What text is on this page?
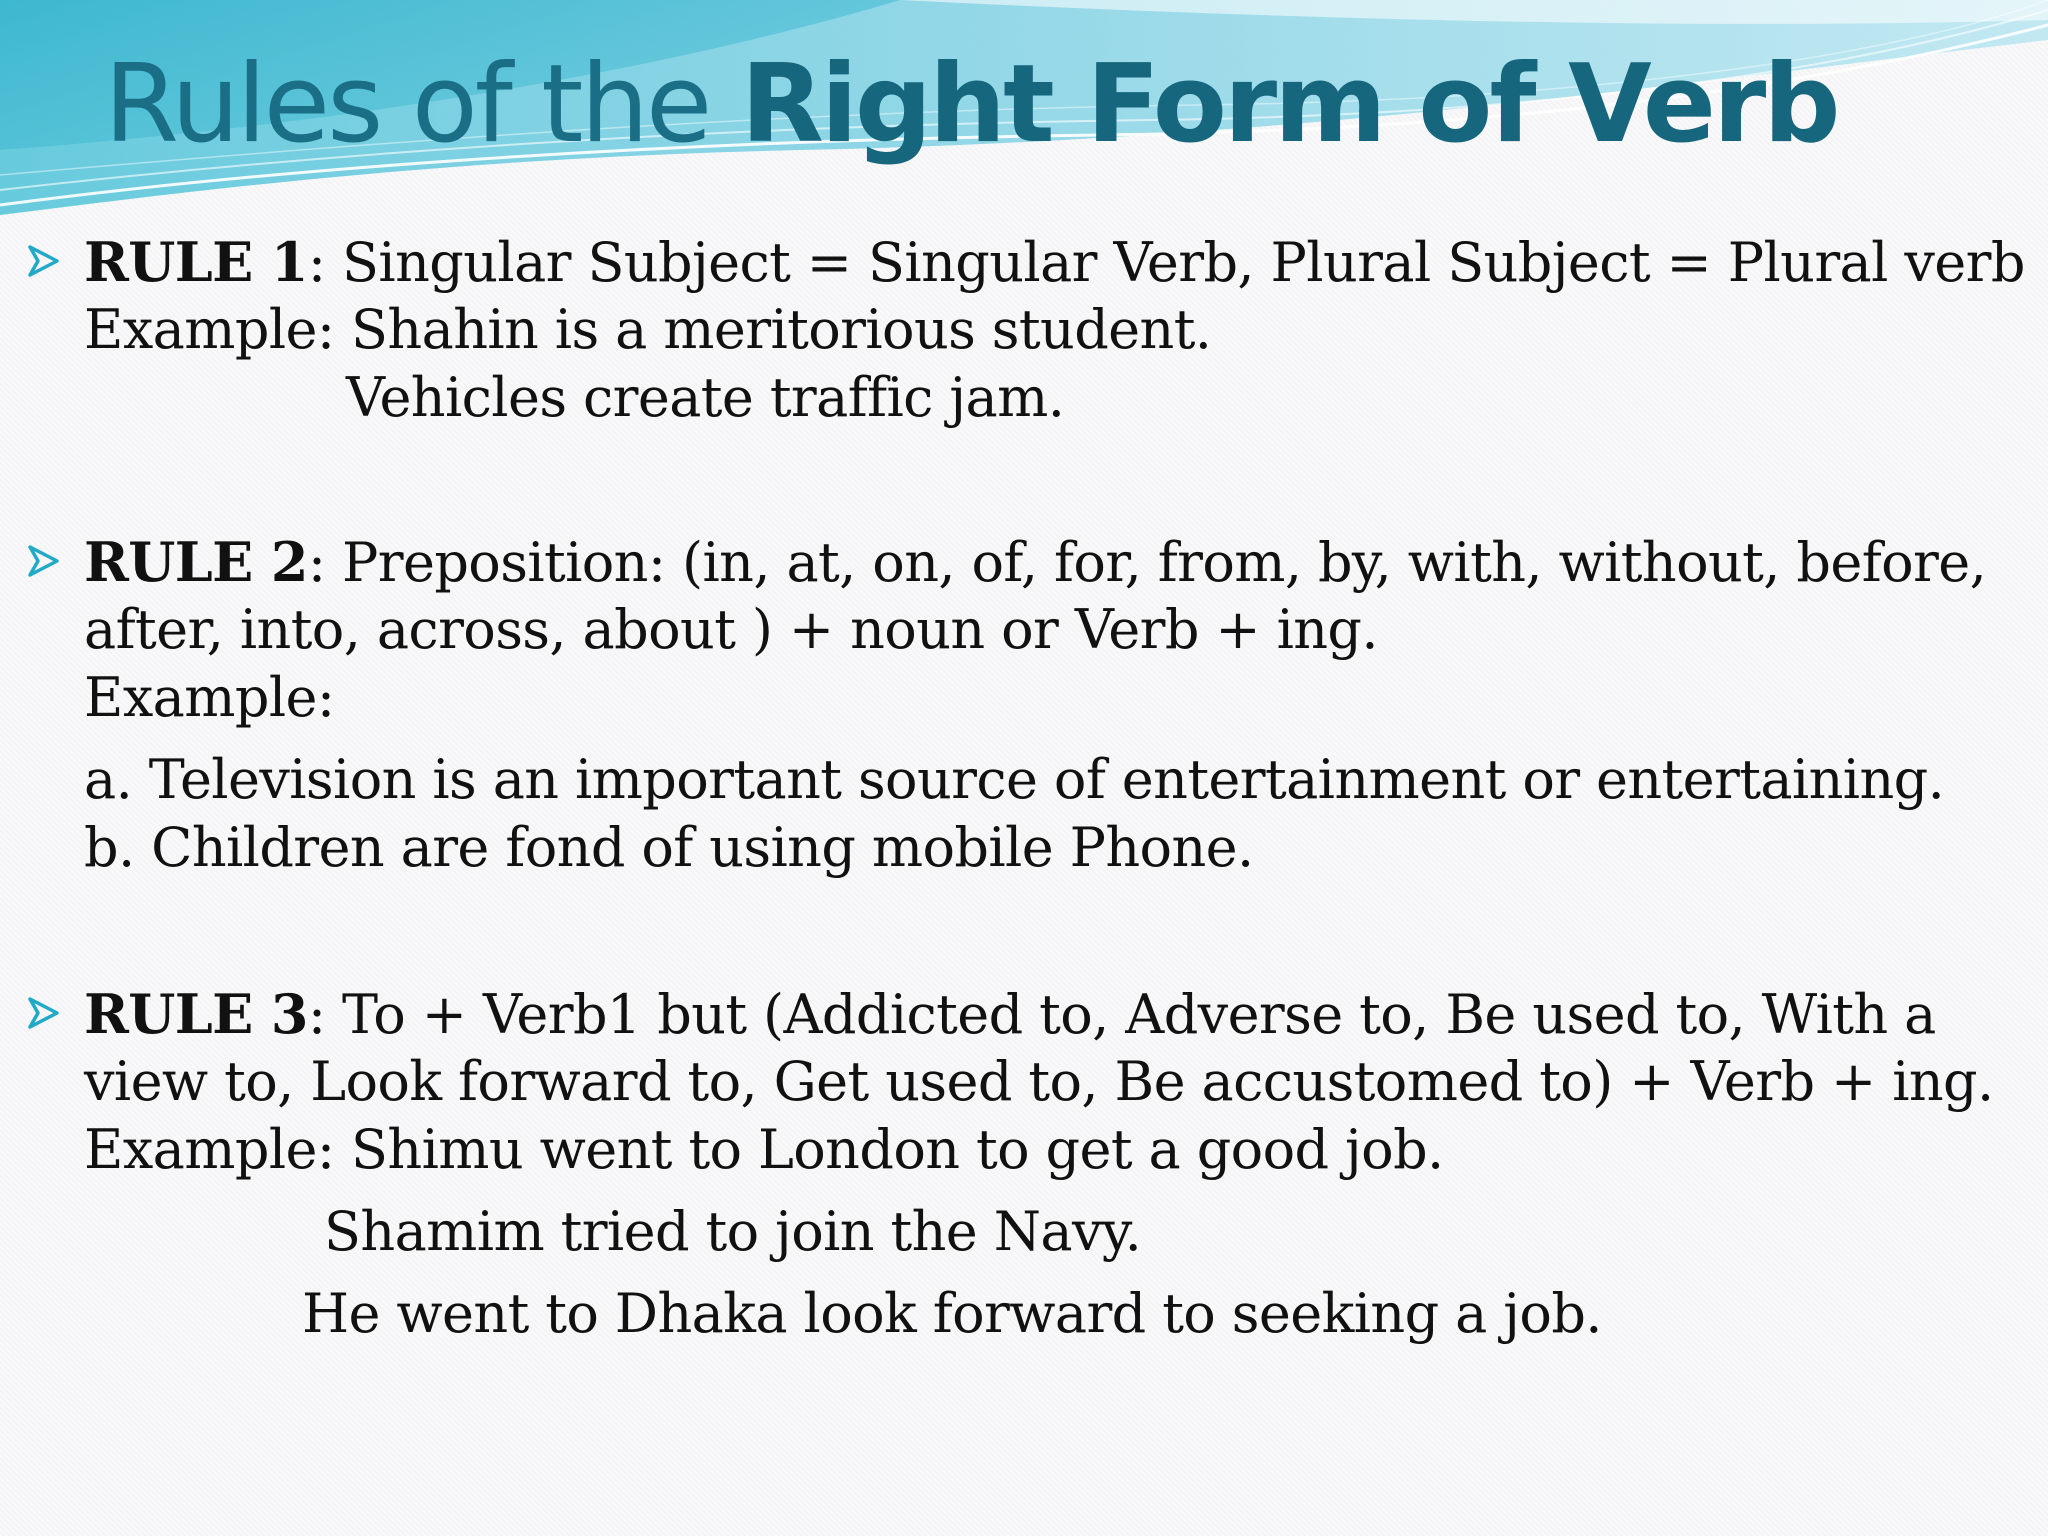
Rules of the Right Form of Verb
RULE 1: Singular Subject = Singular Verb, Plural Subject = Plural verb
Example: Shahin is a meritorious student.
Vehicles create traffic jam.
RULE 2: Preposition: (in, at, on, of, for, from, by, with, without, before,
after, into, across, about ) + noun or Verb + ing.
Example:
a. Television is an important source of entertainment or entertaining.
b. Children are fond of using mobile Phone.
RULE 3: To + Verb1 but (Addicted to, Adverse to, Be used to, With a
view to, Look forward to, Get used to, Be accustomed to) + Verb + ing.
Example: Shimu went to London to get a good job.
Shamim tried to join the Navy.
He went to Dhaka look forward to seeking a job.
